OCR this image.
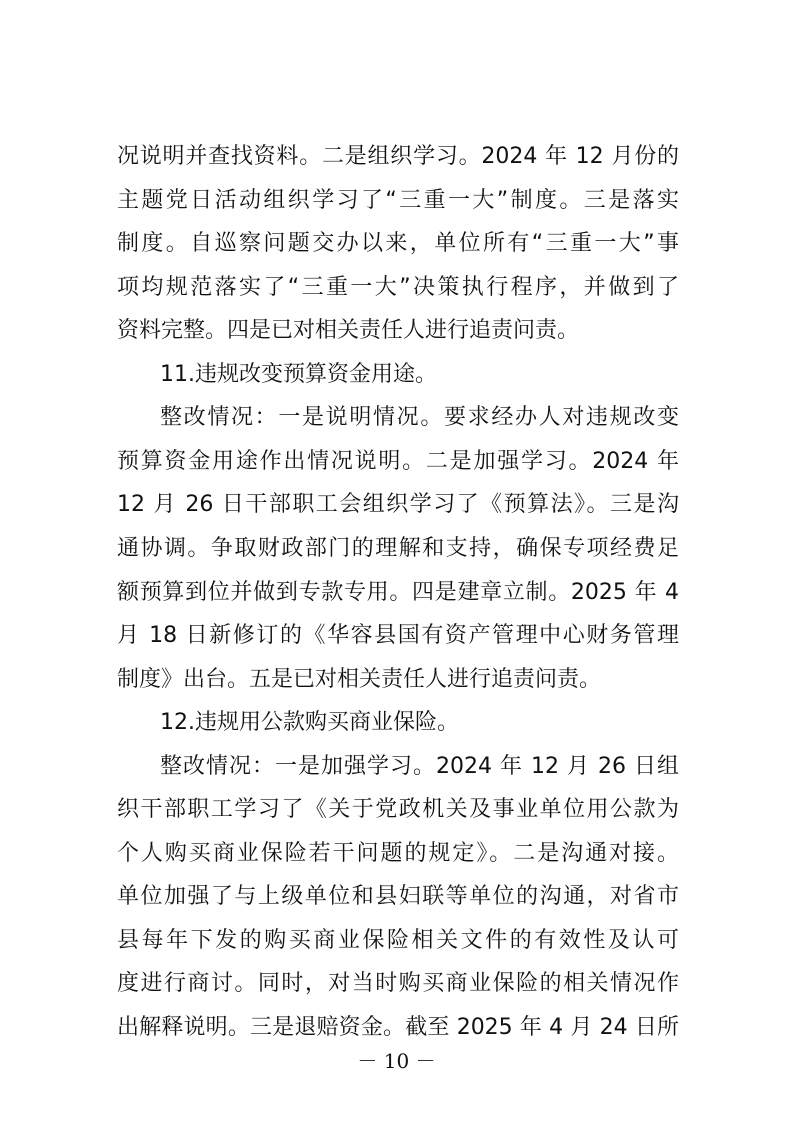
况说明并查找资料。二是组织学习。2024 年 12 月份的
主题党日活动组织学习了“三重一大”制度。三是落实
制度。自巡察问题交办以来，单位所有“三重一大”事
项均规范落实了“三重一大”决策执行程序，并做到了
资料完整。四是已对相关责任人进行追责问责。
11.违规改变预算资金用途。
整改情况：一是说明情况。要求经办人对违规改变
预算资金用途作出情况说明。二是加强学习。2024 年
12 月 26 日干部职工会组织学习了《预算法》。三是沟
通协调。争取财政部门的理解和支持，确保专项经费足
额预算到位并做到专款专用。四是建章立制。2025 年 4
月 18 日新修订的《华容县国有资产管理中心财务管理
制度》出台。五是已对相关责任人进行追责问责。
12.违规用公款购买商业保险。
整改情况：一是加强学习。2024 年 12 月 26 日组
织干部职工学习了《关于党政机关及事业单位用公款为
个人购买商业保险若干问题的规定》。二是沟通对接。
单位加强了与上级单位和县妇联等单位的沟通，对省市
县每年下发的购买商业保险相关文件的有效性及认可
度进行商讨。同时，对当时购买商业保险的相关情况作
出解释说明。三是退赔资金。截至 2025 年 4 月 24 日所
－ 10 －
